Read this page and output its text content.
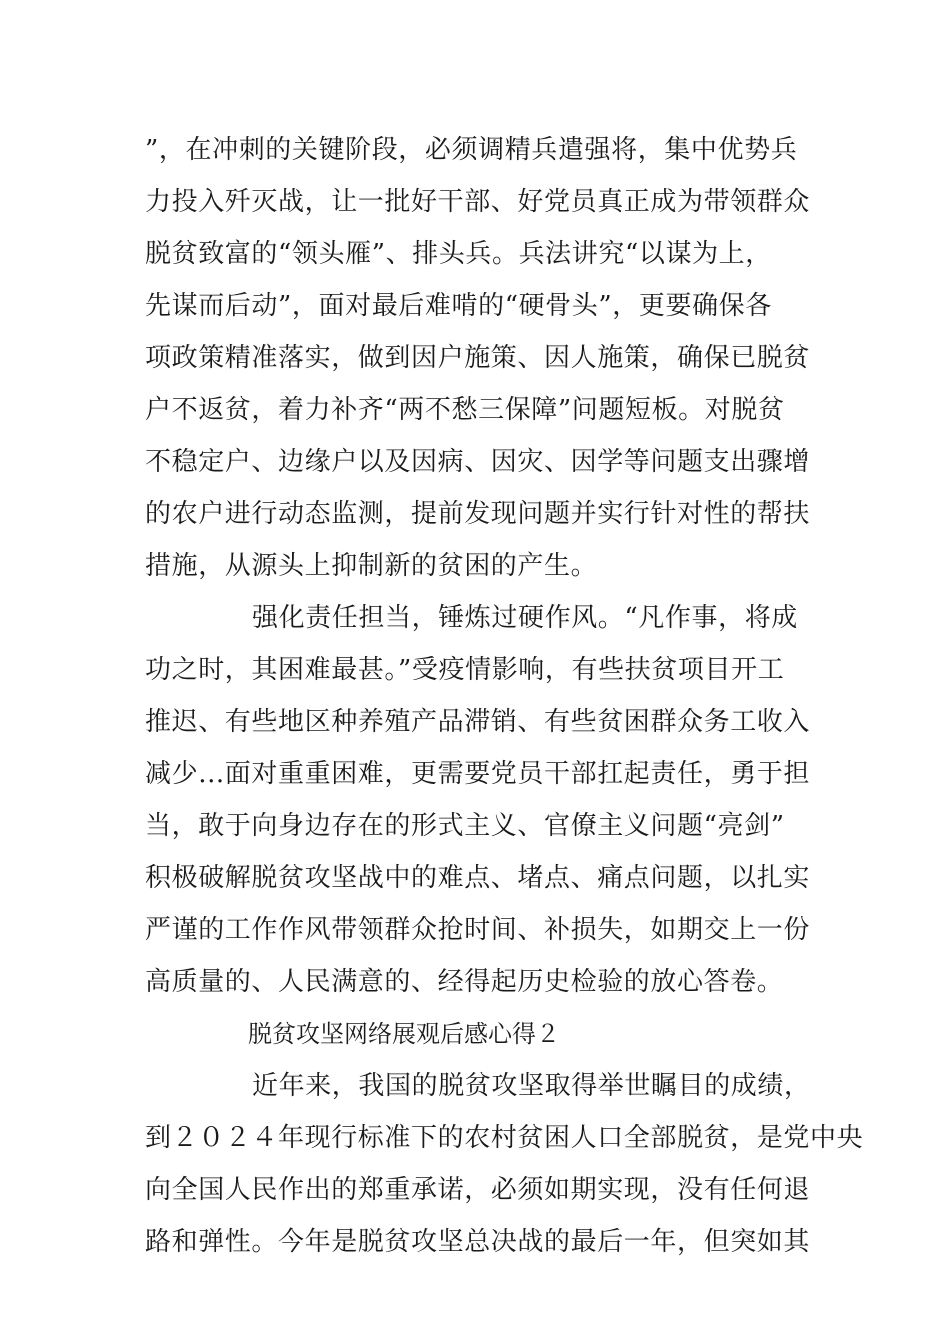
”，在冲刺的关键阶段，必须调精兵遣强将，集中优势兵
力投入歼灭战，让一批好干部、好党员真正成为带领群众
脱贫致富的“领头雁”、排头兵。兵法讲究“以谋为上，
先谋而后动”，面对最后难啃的“硬骨头”，更要确保各
项政策精准落实，做到因户施策、因人施策，确保已脱贫
户不返贫，着力补齐“两不愁三保障”问题短板。对脱贫
不稳定户、边缘户以及因病、因灾、因学等问题支出骤增
的农户进行动态监测，提前发现问题并实行针对性的帮扶
措施，从源头上抑制新的贫困的产生。
强化责任担当，锤炼过硬作风。“凡作事，将成
功之时，其困难最甚。”受疫情影响，有些扶贫项目开工
推迟、有些地区种养殖产品滞销、有些贫困群众务工收入
减少...面对重重困难，更需要党员干部扛起责任，勇于担
当，敢于向身边存在的形式主义、官僚主义问题“亮剑”
积极破解脱贫攻坚战中的难点、堵点、痛点问题，以扎实
严谨的工作作风带领群众抢时间、补损失，如期交上一份
高质量的、人民满意的、经得起历史检验的放心答卷。
脱贫攻坚网络展观后感心得２
近年来，我国的脱贫攻坚取得举世瞩目的成绩，
到２０２４年现行标准下的农村贫困人口全部脱贫，是党中央
向全国人民作出的郑重承诺，必须如期实现，没有任何退
路和弹性。今年是脱贫攻坚总决战的最后一年，但突如其
